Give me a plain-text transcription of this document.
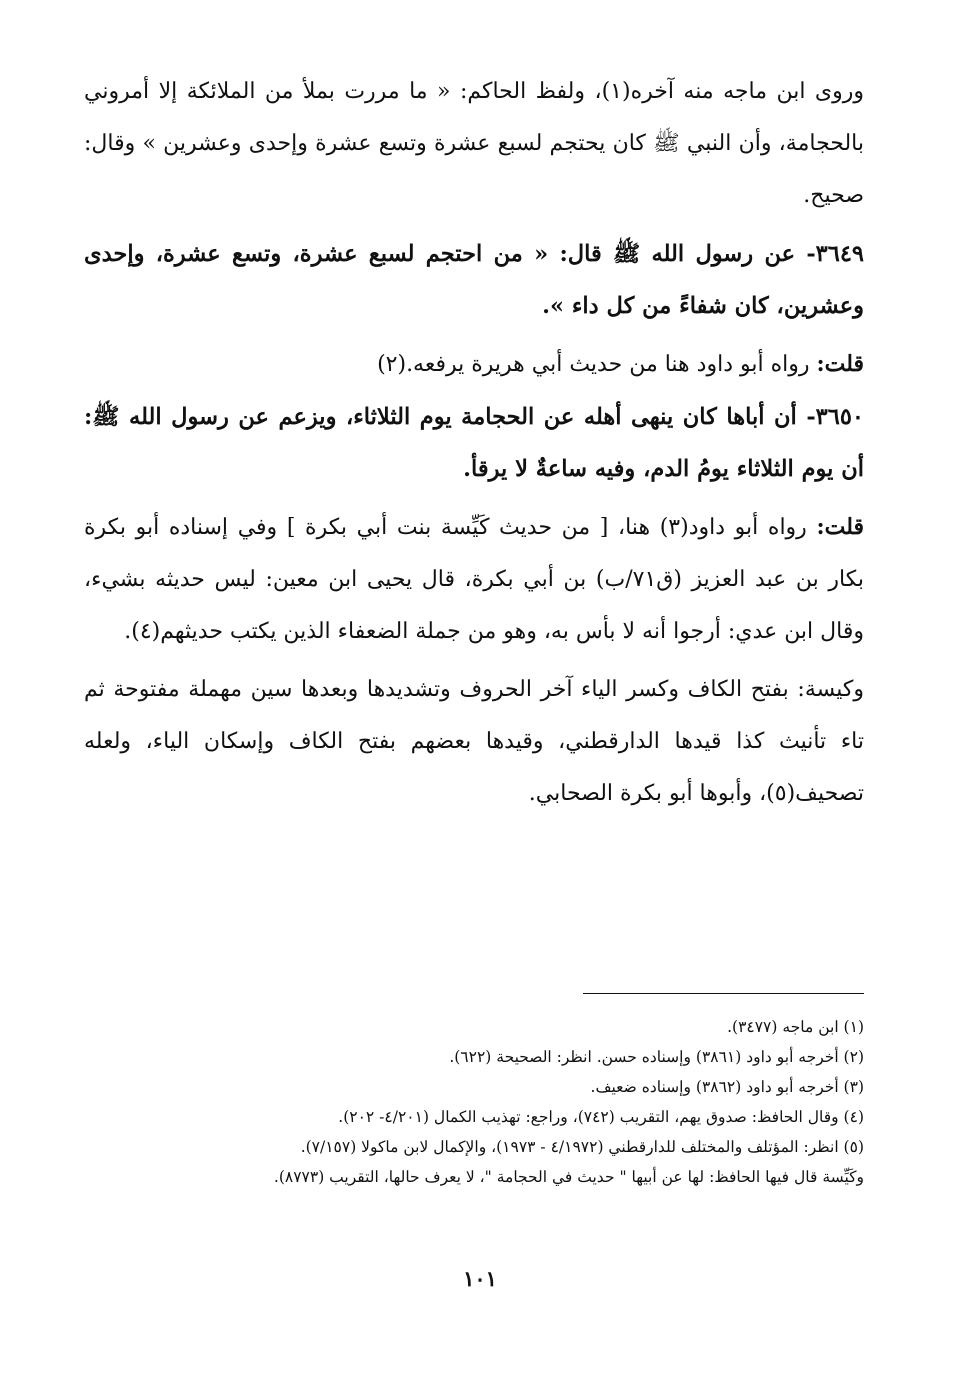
وروى ابن ماجه منه آخره(١)، ولفظ الحاكم: « ما مررت بملأ من الملائكة إلا أمروني بالحجامة، وأن النبي ﷺ كان يحتجم لسبع عشرة وتسع عشرة وإحدى وعشرين » وقال: صحيح.

٣٦٤٩- عن رسول الله ﷺ قال: « من احتجم لسبع عشرة، وتسع عشرة، وإحدى وعشرين، كان شفاءً من كل داء ».

قلت: رواه أبو داود هنا من حديث أبي هريرة يرفعه.(٢)

٣٦٥٠- أن أباها كان ينهى أهله عن الحجامة يوم الثلاثاء، ويزعم عن رسول الله ﷺ: أن يوم الثلاثاء يومُ الدم، وفيه ساعةٌ لا يرقأ.

قلت: رواه أبو داود(٣) هنا، [ من حديث كَيِّسة بنت أبي بكرة ] وفي إسناده أبو بكرة بكار بن عبد العزيز (ق٧١/ب) بن أبي بكرة، قال يحيى ابن معين: ليس حديثه بشيء، وقال ابن عدي: أرجوا أنه لا بأس به، وهو من جملة الضعفاء الذين يكتب حديثهم(٤).

وكيسة: بفتح الكاف وكسر الياء آخر الحروف وتشديدها وبعدها سين مهملة مفتوحة ثم تاء تأنيث كذا قيدها الدارقطني، وقيدها بعضهم بفتح الكاف وإسكان الياء، ولعله تصحيف(٥)، وأبوها أبو بكرة الصحابي.

(١) ابن ماجه (٣٤٧٧).

(٢) أخرجه أبو داود (٣٨٦١) وإسناده حسن. انظر: الصحيحة (٦٢٢).

(٣) أخرجه أبو داود (٣٨٦٢) وإسناده ضعيف.

(٤) وقال الحافظ: صدوق يهم، التقريب (٧٤٢)، وراجع: تهذيب الكمال (٤/٢٠١- ٢٠٢).

(٥) انظر: المؤتلف والمختلف للدارقطني (٤/١٩٧٢ - ١٩٧٣)، والإكمال لابن ماكولا (٧/١٥٧).

وكَيِّسة قال فيها الحافظ: لها عن أبيها " حديث في الحجامة "، لا يعرف حالها، التقريب (٨٧٧٣).

١٠١
